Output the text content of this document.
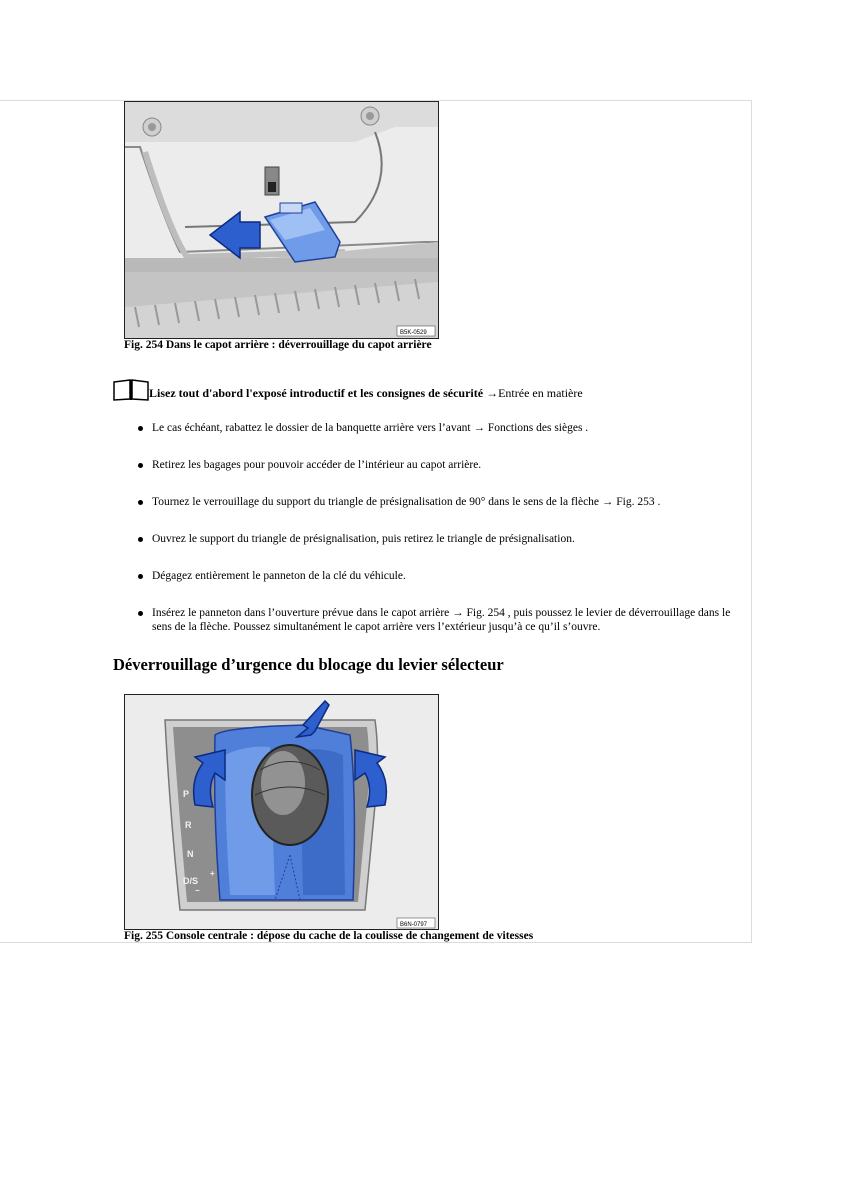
B5K-0529
Fig. 254 Dans le capot arrière : déverrouillage du capot arrière
Lisez tout d'abord l'exposé introductif et les consignes de sécurité →Entrée en matière

Le cas échéant, rabattez le dossier de la banquette arrière vers l’avant → Fonctions des sièges .

Retirez les bagages pour pouvoir accéder de l’intérieur au capot arrière.

Tournez le verrouillage du support du triangle de présignalisation de 90° dans le sens de la flèche → Fig. 253 .

Ouvrez le support du triangle de présignalisation, puis retirez le triangle de présignalisation.

Dégagez entièrement le panneton de la clé du véhicule.

Insérez le panneton dans l’ouverture prévue dans le capot arrière → Fig. 254 , puis poussez le levier de déverrouillage dans le sens de la flèche. Poussez simultanément le capot arrière vers l’extérieur jusqu’à ce qu’il s’ouvre.

Déverrouillage d’urgence du blocage du levier sélecteur
P
R
N
D/S
+
−
B6N-0797
Fig. 255 Console centrale : dépose du cache de la coulisse de changement de vitesses
